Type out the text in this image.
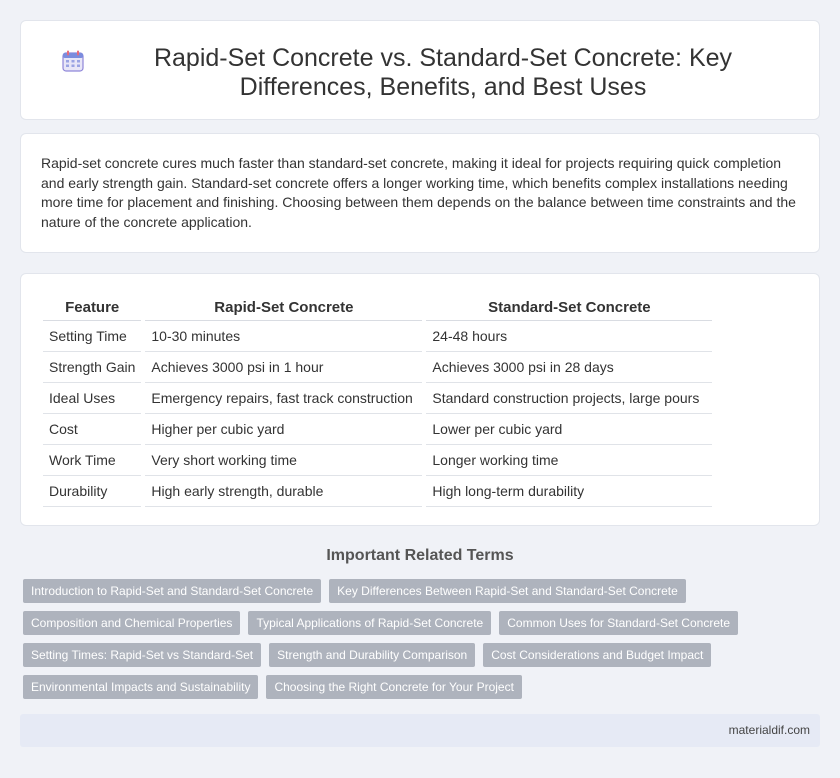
Rapid-Set Concrete vs. Standard-Set Concrete: Key Differences, Benefits, and Best Uses

Rapid-set concrete cures much faster than standard-set concrete, making it ideal for projects requiring quick completion and early strength gain. Standard-set concrete offers a longer working time, which benefits complex installations needing more time for placement and finishing. Choosing between them depends on the balance between time constraints and the nature of the concrete application.

Feature		Rapid-Set Concrete		Standard-Set Concrete
Setting Time		10-30 minutes		24-48 hours
Strength Gain		Achieves 3000 psi in 1 hour		Achieves 3000 psi in 28 days
Ideal Uses		Emergency repairs, fast track construction		Standard construction projects, large pours
Cost		Higher per cubic yard		Lower per cubic yard
Work Time		Very short working time		Longer working time
Durability		High early strength, durable		High long-term durability
Important Related Terms
Introduction to Rapid-Set and Standard-Set Concrete	Key Differences Between Rapid-Set and Standard-Set Concrete
Composition and Chemical Properties	Typical Applications of Rapid-Set Concrete	Common Uses for Standard-Set Concrete
Setting Times: Rapid-Set vs Standard-Set	Strength and Durability Comparison	Cost Considerations and Budget Impact
Environmental Impacts and Sustainability	Choosing the Right Concrete for Your Project
materialdif.com
